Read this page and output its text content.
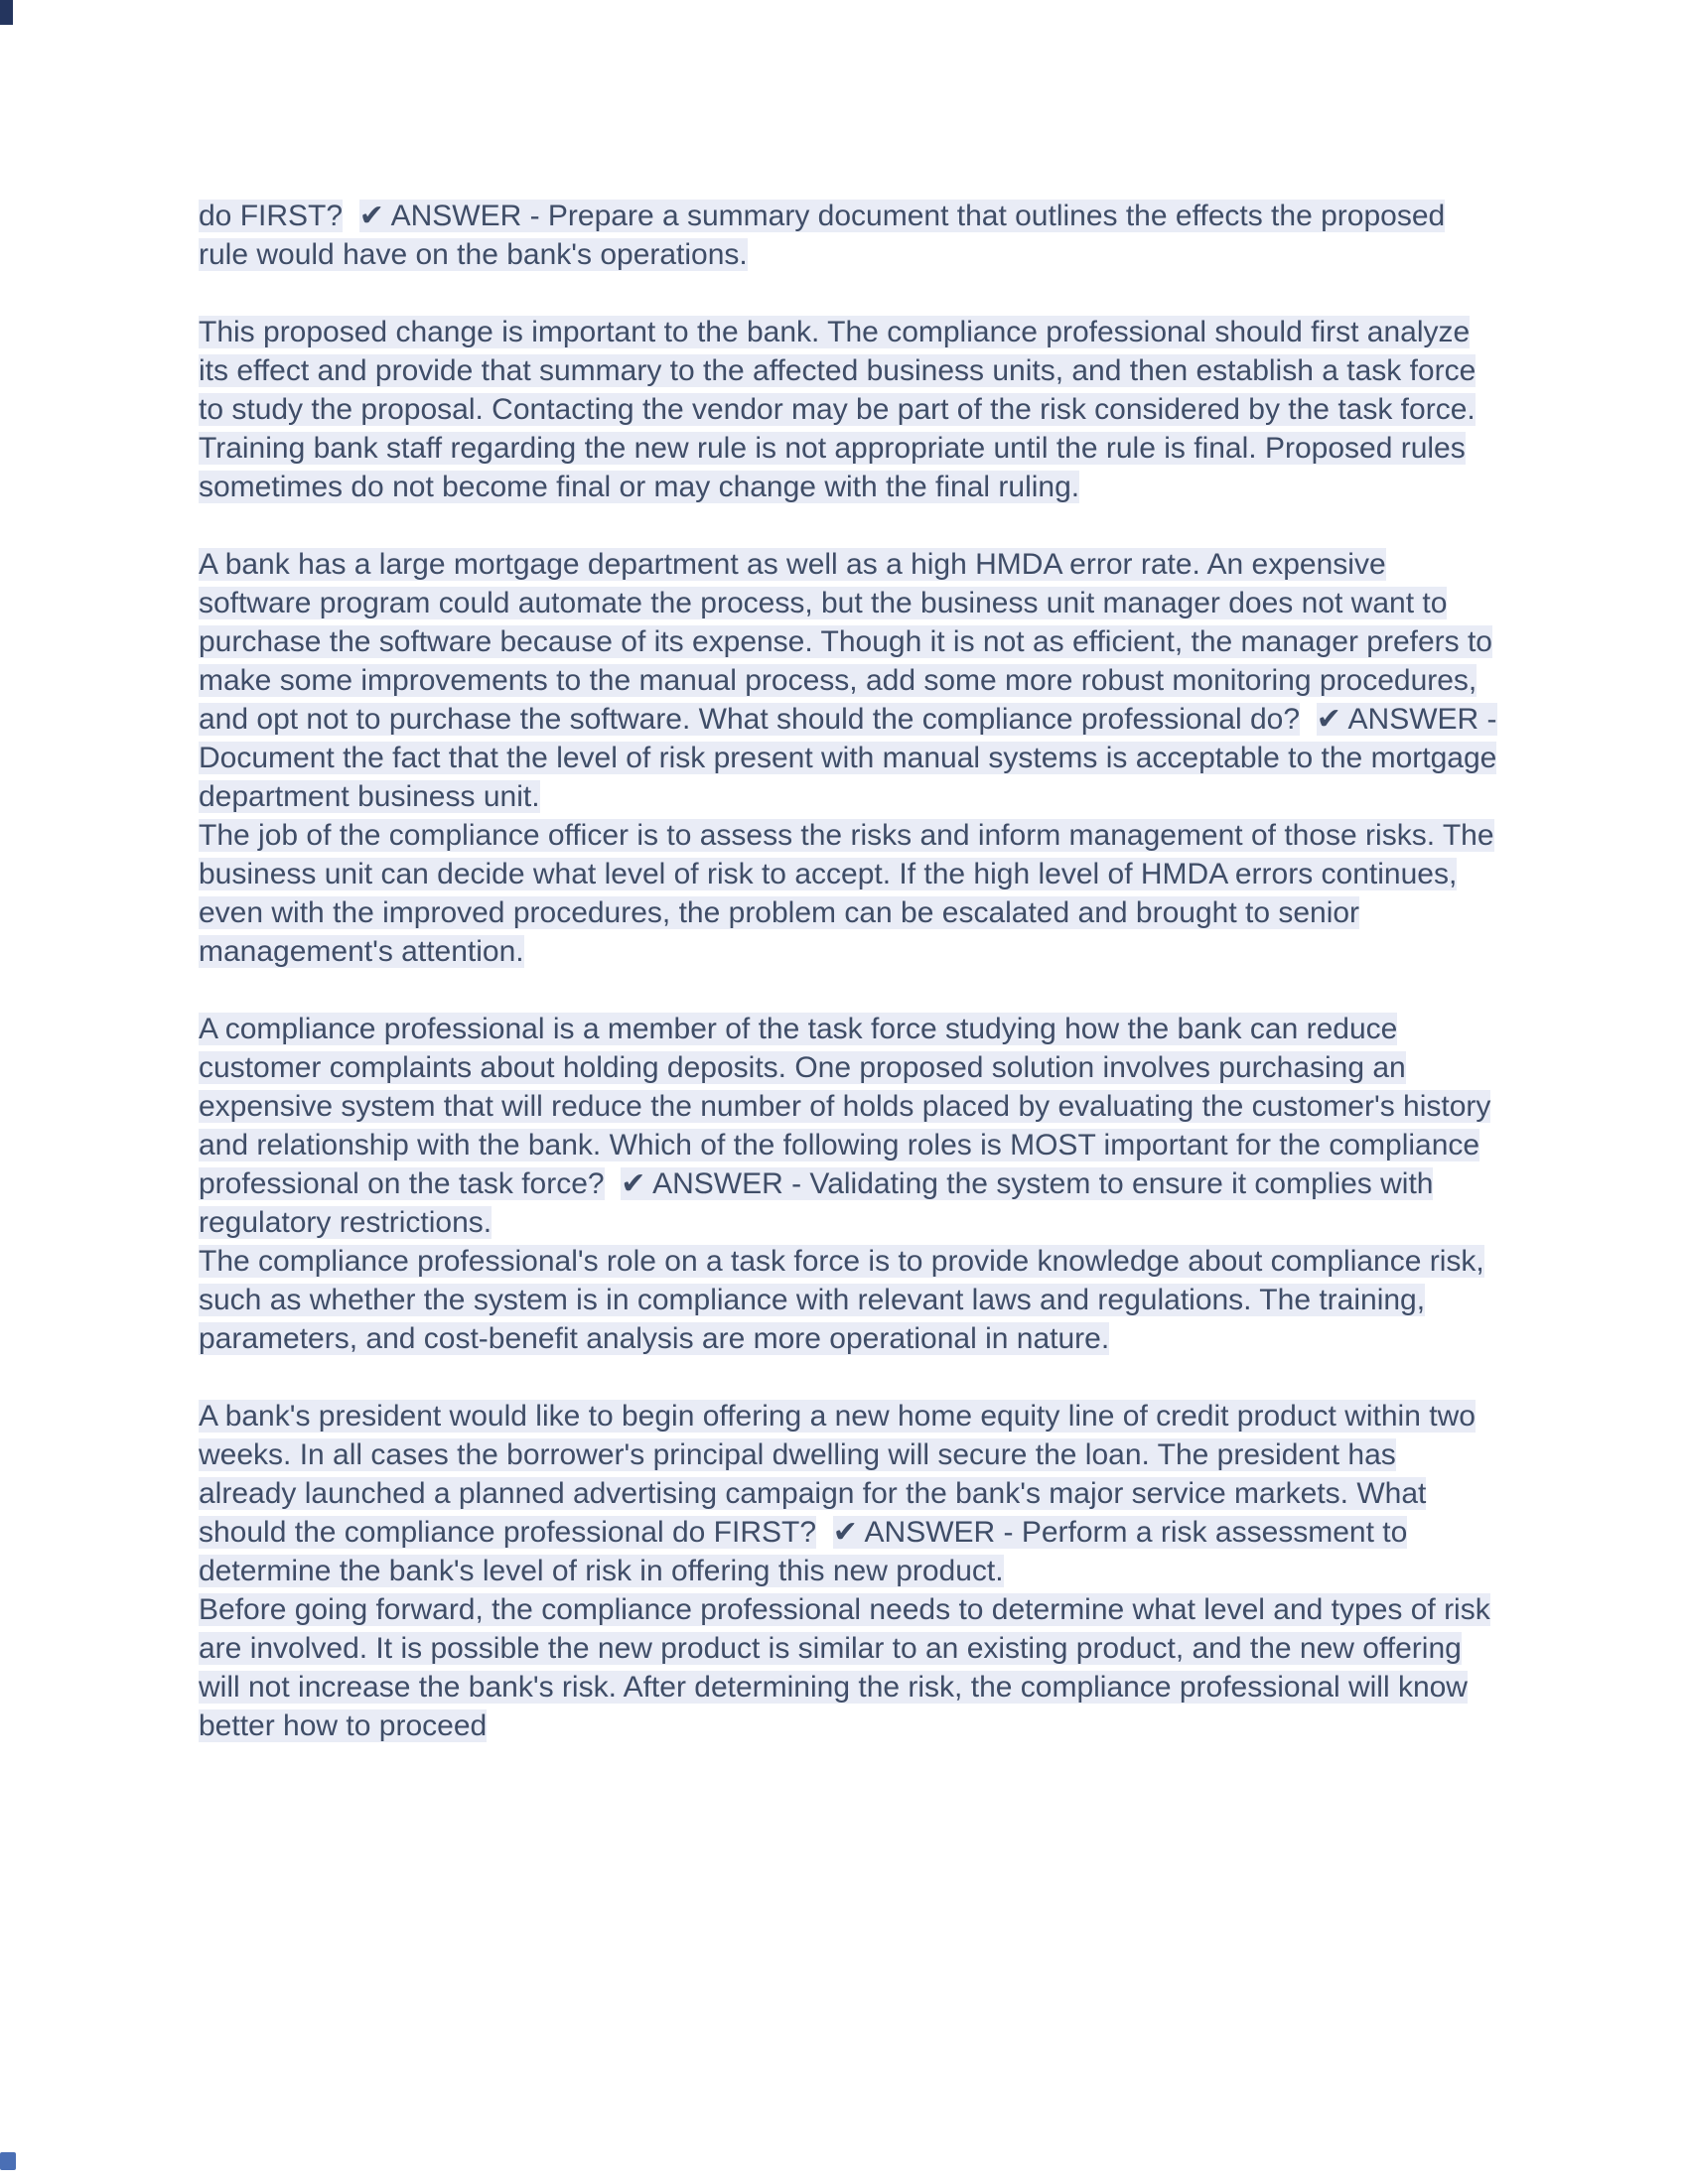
do FIRST? ✔ ANSWER - Prepare a summary document that outlines the effects the proposed rule would have on the bank's operations.
This proposed change is important to the bank. The compliance professional should first analyze its effect and provide that summary to the affected business units, and then establish a task force to study the proposal. Contacting the vendor may be part of the risk considered by the task force. Training bank staff regarding the new rule is not appropriate until the rule is final. Proposed rules sometimes do not become final or may change with the final ruling.
A bank has a large mortgage department as well as a high HMDA error rate. An expensive software program could automate the process, but the business unit manager does not want to purchase the software because of its expense. Though it is not as efficient, the manager prefers to make some improvements to the manual process, add some more robust monitoring procedures, and opt not to purchase the software. What should the compliance professional do? ✔ ANSWER - Document the fact that the level of risk present with manual systems is acceptable to the mortgage department business unit.
The job of the compliance officer is to assess the risks and inform management of those risks. The business unit can decide what level of risk to accept. If the high level of HMDA errors continues, even with the improved procedures, the problem can be escalated and brought to senior management's attention.
A compliance professional is a member of the task force studying how the bank can reduce customer complaints about holding deposits. One proposed solution involves purchasing an expensive system that will reduce the number of holds placed by evaluating the customer's history and relationship with the bank. Which of the following roles is MOST important for the compliance professional on the task force? ✔ ANSWER - Validating the system to ensure it complies with regulatory restrictions.
The compliance professional's role on a task force is to provide knowledge about compliance risk, such as whether the system is in compliance with relevant laws and regulations. The training, parameters, and cost-benefit analysis are more operational in nature.
A bank's president would like to begin offering a new home equity line of credit product within two weeks. In all cases the borrower's principal dwelling will secure the loan. The president has already launched a planned advertising campaign for the bank's major service markets. What should the compliance professional do FIRST? ✔ ANSWER - Perform a risk assessment to determine the bank's level of risk in offering this new product.
Before going forward, the compliance professional needs to determine what level and types of risk are involved. It is possible the new product is similar to an existing product, and the new offering will not increase the bank's risk. After determining the risk, the compliance professional will know better how to proceed
